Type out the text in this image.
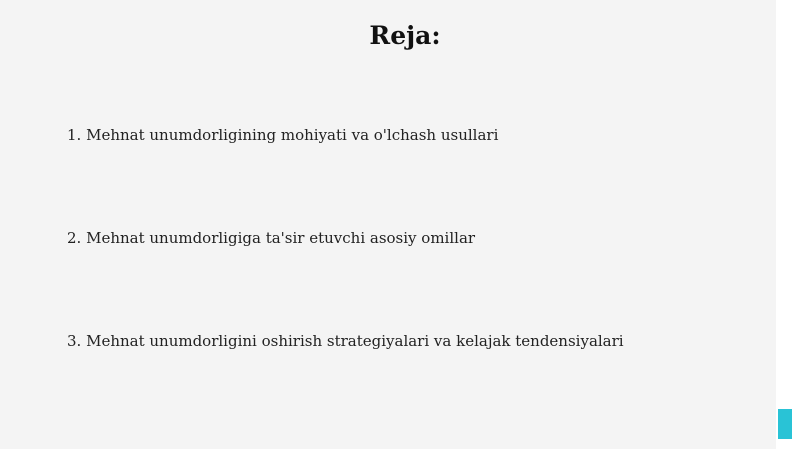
Reja:
1. Mehnat unumdorligining mohiyati va o'lchash usullari
2. Mehnat unumdorligiga ta'sir etuvchi asosiy omillar
3. Mehnat unumdorligini oshirish strategiyalari va kelajak tendensiyalari
